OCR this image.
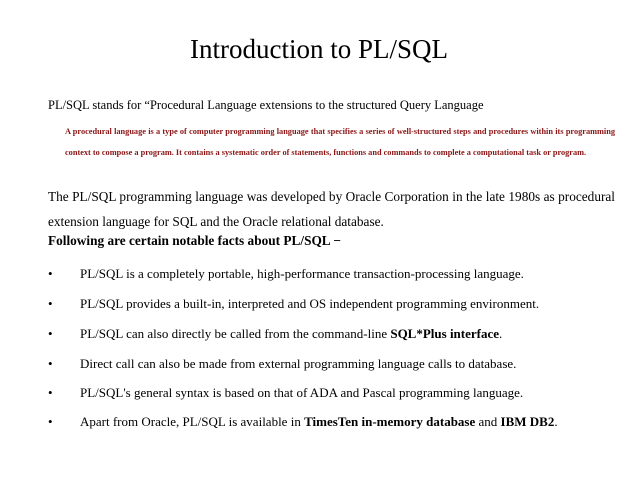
Introduction to PL/SQL
PL/SQL stands for “Procedural Language extensions to the structured Query Language
A procedural language is a type of computer programming language that specifies a series of well-structured steps and procedures within its programming context to compose a program. It contains a systematic order of statements, functions and commands to complete a computational task or program.
The PL/SQL programming language was developed by Oracle Corporation in the late 1980s as procedural extension language for SQL and the Oracle relational database.
Following are certain notable facts about PL/SQL −
• PL/SQL is a completely portable, high-performance transaction-processing language.
• PL/SQL provides a built-in, interpreted and OS independent programming environment.
• PL/SQL can also directly be called from the command-line SQL*Plus interface.
• Direct call can also be made from external programming language calls to database.
• PL/SQL's general syntax is based on that of ADA and Pascal programming language.
• Apart from Oracle, PL/SQL is available in TimesTen in-memory database and IBM DB2.
